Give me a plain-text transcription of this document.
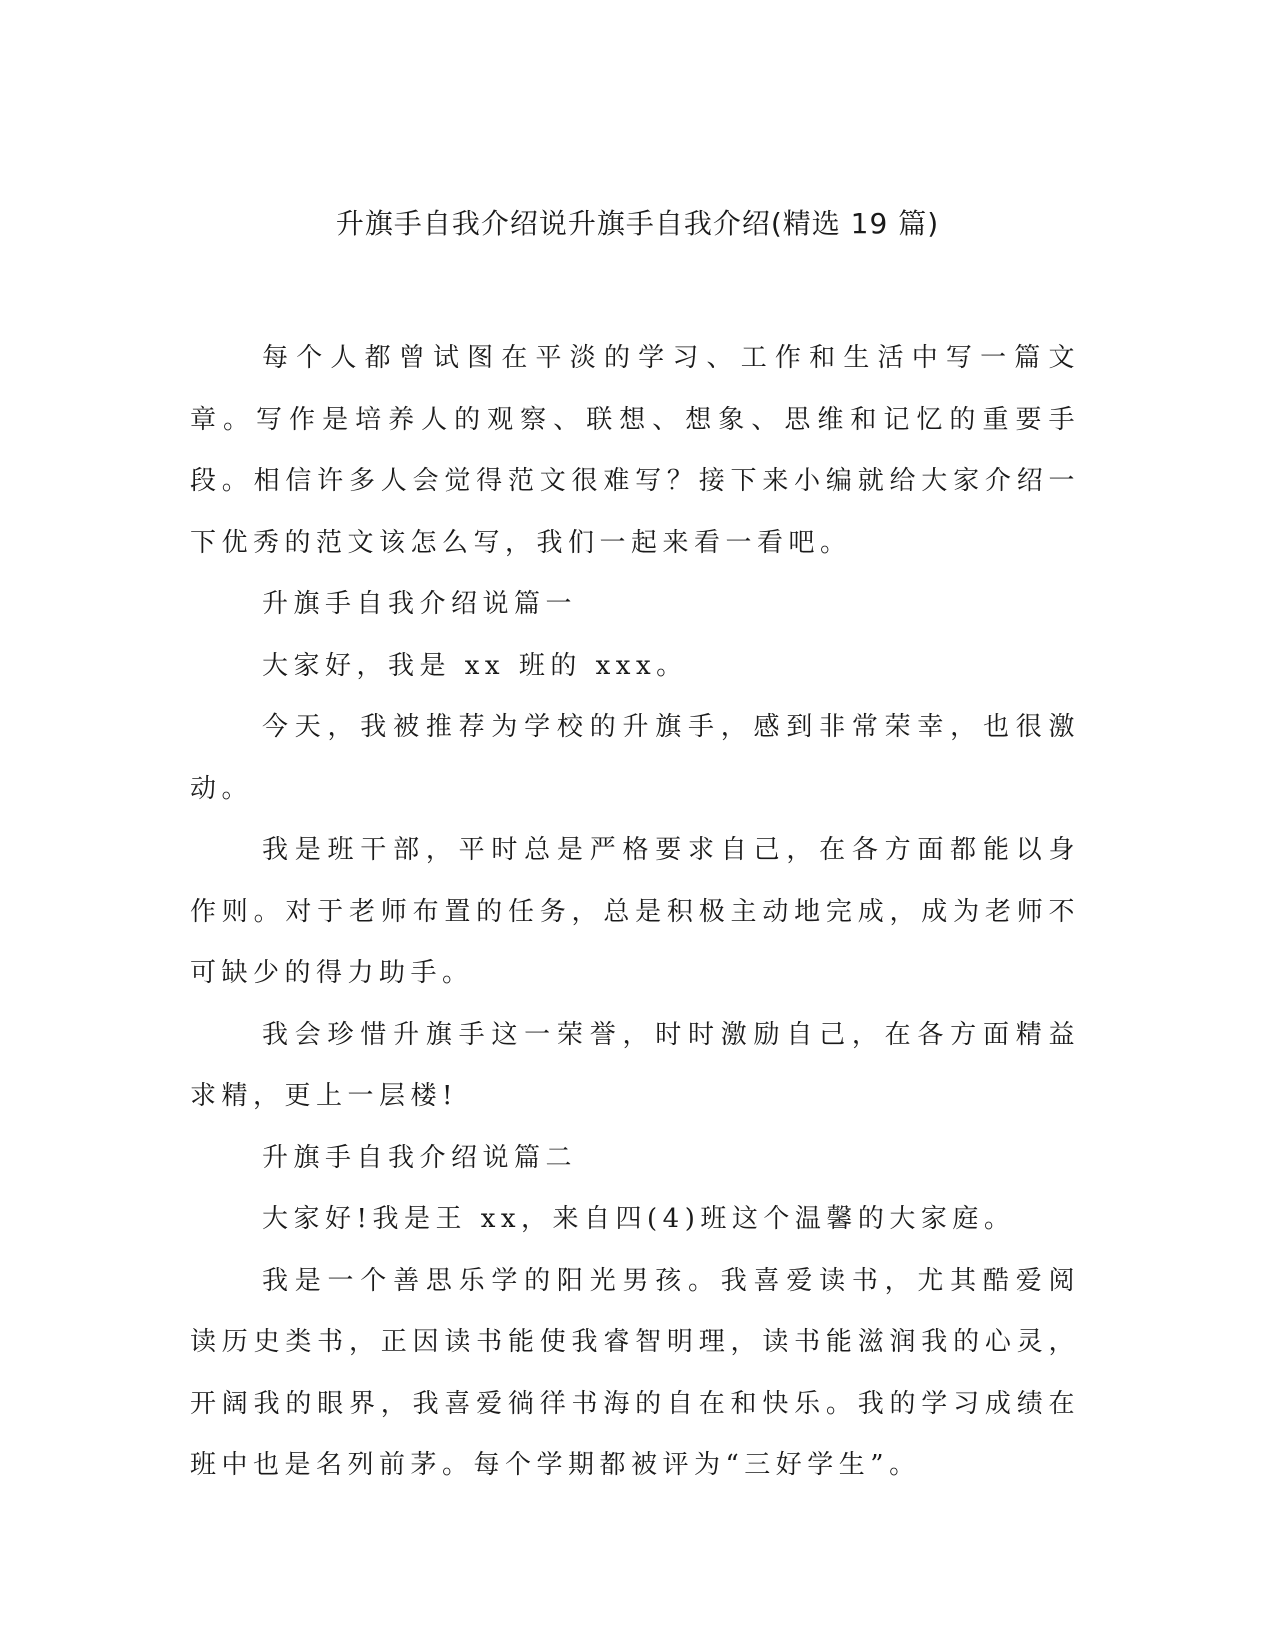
升旗手自我介绍说升旗手自我介绍(精选 19 篇)

每个人都曾试图在平淡的学习、工作和生活中写一篇文章。写作是培养人的观察、联想、想象、思维和记忆的重要手段。相信许多人会觉得范文很难写？接下来小编就给大家介绍一下优秀的范文该怎么写，我们一起来看一看吧。

升旗手自我介绍说篇一

大家好，我是 xx 班的 xxx。

今天，我被推荐为学校的升旗手，感到非常荣幸，也很激动。

我是班干部，平时总是严格要求自己，在各方面都能以身作则。对于老师布置的任务，总是积极主动地完成，成为老师不可缺少的得力助手。

我会珍惜升旗手这一荣誉，时时激励自己，在各方面精益求精，更上一层楼!

升旗手自我介绍说篇二

大家好!我是王 xx，来自四(4)班这个温馨的大家庭。

我是一个善思乐学的阳光男孩。我喜爱读书，尤其酷爱阅读历史类书，正因读书能使我睿智明理，读书能滋润我的心灵，开阔我的眼界，我喜爱徜徉书海的自在和快乐。我的学习成绩在班中也是名列前茅。每个学期都被评为“三好学生”。
